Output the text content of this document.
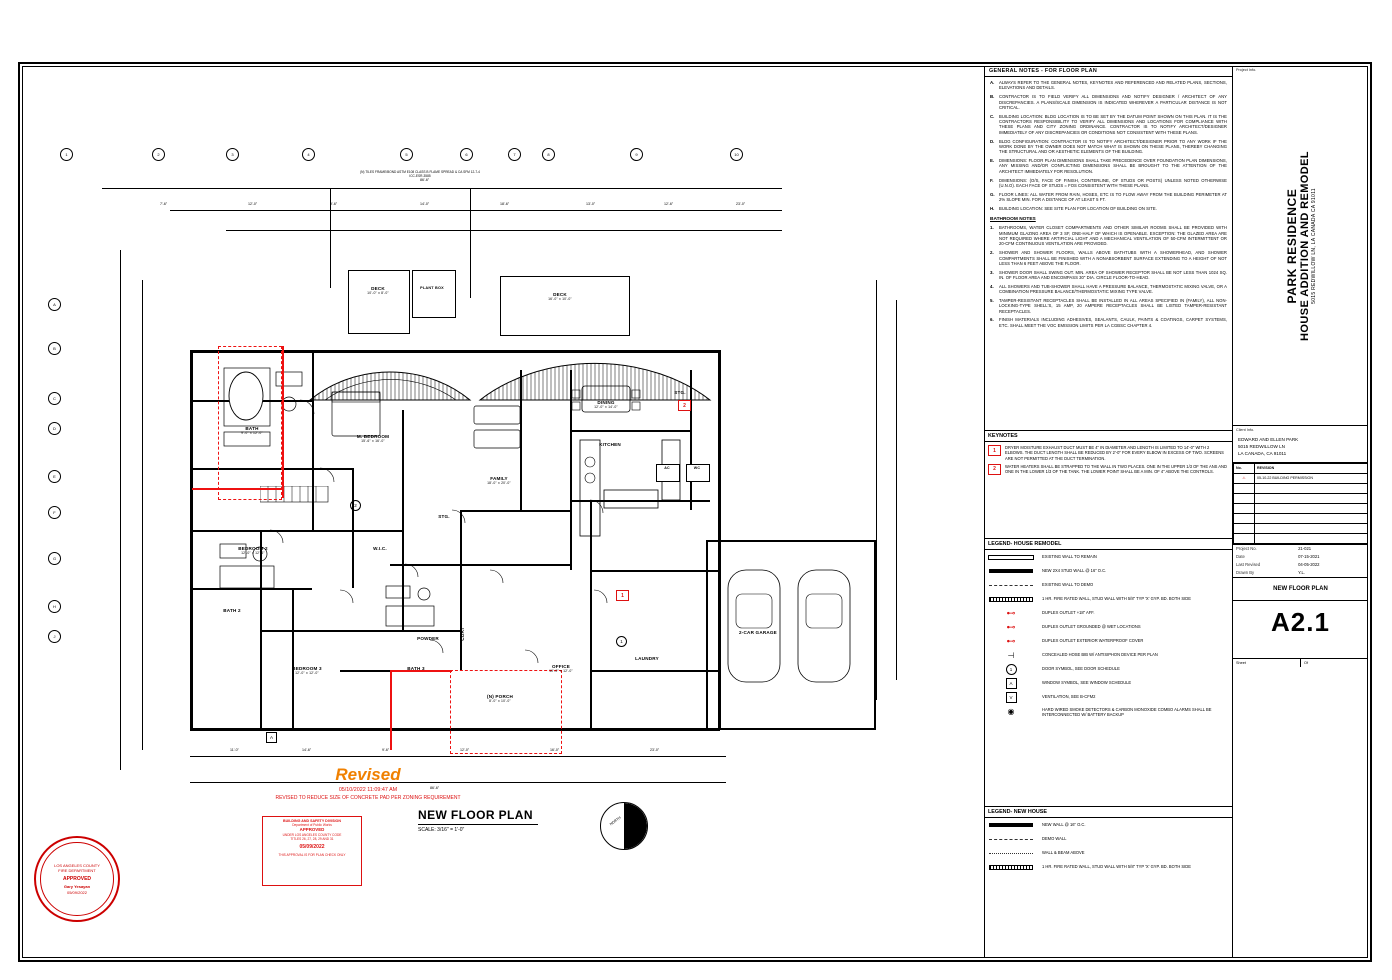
1	2	3	4	5	6	7	8	9	10
A
B
C
D
E
F
G
H
J
86'-6"
7'-6"	12'-0"	9'-6"	14'-0"	18'-6"	13'-0"	12'-6"	23'-0"
11'-0"	14'-6"	9'-6"	12'-0"	16'-0"	23'-0"
86'-6"
(N) TILES FRAME/BOND ASTM E108 CLASS B FLAME SPREAD & CA SFM 12-7-4 ICC-ESR-3585
A
1
2
1
2
M. BEDROOM
15'-6" x 16'-0"
BATH
9'-0" x 12'-0"
BEDROOM 2
12'-0" x 12'-6"
W.I.C.
BATH 2
BEDROOM 3
12'-0" x 12'-0"
BATH 3
POWDER	COAT
FAMILY
18'-0" x 20'-0"
DINING
12'-0" x 14'-0"
KITCHEN
STG.
STG.
OFFICE
10'-0" x 12'-0"
LAUNDRY
2-CAR GARAGE
(N) PORCH
8'-0" x 10'-0"
DECK
10'-0" x 8'-0"	DECK
16'-0" x 10'-0"
PLANT BOX
AC	WC
Revised
05/10/2022 11:09:47 AM
REVISED TO REDUCE SIZE OF CONCRETE PAD PER ZONING REQUIREMENT
BUILDING AND SAFETY DIVISION
Department of Public Works
APPROVED
UNDER LOS ANGELES COUNTY CODE
TITLES 26, 27, 28, 29 AND 31
05/09/2022
THIS APPROVAL IS FOR PLAN CHECK ONLY
LOS ANGELES COUNTY
FIRE DEPARTMENT
APPROVED
Gary Yesayan
05/09/2022
NEW FLOOR PLAN
SCALE: 3/16" = 1'-0"
NORTH
GENERAL NOTES - FOR FLOOR PLAN
A.	ALWAYS REFER TO THE GENERAL NOTES, KEYNOTES AND REFERENCED AND RELATED PLANS, SECTIONS, ELEVATIONS AND DETAILS.
B.	CONTRACTOR IS TO FIELD VERIFY ALL DIMENSIONS AND NOTIFY DESIGNER / ARCHITECT OF ANY DISCREPANCIES. A PLANS/SCALE DIMENSION IS INDICATED WHEREVER A PARTICULAR DISTANCE IS NOT CRITICAL.
C.	BUILDING LOCATION: BLDG LOCATION IS TO BE SET BY THE DATUM POINT SHOWN ON THIS PLAN. IT IS THE CONTRACTORS RESPONSIBILITY TO VERIFY ALL DIMENSIONS AND LOCATIONS FOR COMPLIANCE WITH THESE PLANS AND CITY ZONING ORDINANCE. CONTRACTOR IS TO NOTIFY ARCHITECT/DESIGNER IMMEDIATELY OF ANY DISCREPANCIES OR CONDITIONS NOT CONSISTENT WITH THESE PLANS.
D.	BLDG CONFIGURATION: CONTRACTOR IS TO NOTIFY ARCHITECT/DESIGNER PRIOR TO ANY WORK IF THE WORK DONE BY THE OWNER DOES NOT MATCH WHAT IS SHOWN ON THESE PLANS, THEREBY CHANGING THE STRUCTURAL AND OR AESTHETIC ELEMENTS OF THE BUILDING.
E.	DIMENSIONS: FLOOR PLAN DIMENSIONS SHALL TAKE PRECEDENCE OVER FOUNDATION PLAN DIMENSIONS, ANY MISSING AND/OR CONFLICTING DIMENSIONS SHALL BE BROUGHT TO THE ATTENTION OF THE ARCHITECT IMMEDIATELY FOR RESOLUTION.
F.	DIMENSIONS: (O/S, FACE OF FINISH, CONTERLINE, OF STUDS OR POSTS) UNLESS NOTED OTHERWISE (U.N.O). EACH FACE OF STUDS = FOS CONSISTENT WITH THESE PLANS.
G.	FLOOR LINES: ALL WATER FROM RAIN, HOSES, ETC IS TO FLOW AWAY FROM THE BUILDING PERIMETER AT 2% SLOPE MIN. FOR A DISTANCE OF AT LEAST 5 FT.
H.	BUILDING LOCATION: SEE SITE PLAN FOR LOCATION OF BUILDING ON SITE.
BATHROOM NOTES
1.	BATHROOMS, WATER CLOSET COMPARTMENTS AND OTHER SIMILAR ROOMS SHALL BE PROVIDED WITH MINIMUM GLAZING AREA OF 3 SF, ONE-HALF OF WHICH IS OPENABLE. EXCEPTION: THE GLAZED AREA ARE NOT REQUIRED WHERE ARTIFICIAL LIGHT AND A MECHANICAL VENTILATION OF 50-CFM INTERMITTENT OR 20-CFM CONTINUOUS VENTILATION ARE PROVIDED.
2.	SHOWER AND SHOWER FLOORS, WALLS ABOVE BATHTUBS WITH A SHOWERHEAD, AND SHOWER COMPARTMENTS SHALL BE FINISHED WITH A NONABSORBENT SURFACE EXTENDING TO A HEIGHT OF NOT LESS THAN 6 FEET ABOVE THE FLOOR.
3.	SHOWER DOOR SHALL SWING OUT. MIN. AREA OF SHOWER RECEPTOR SHALL BE NOT LESS THAN 1024 SQ. IN. OF FLOOR AREA AND ENCOMPASS 30" DIA. CIRCLE FLOOR-TO-HEAD.
4.	ALL SHOWERS AND TUB-SHOWER SHALL HAVE A PRESSURE BALANCE, THERMOSTATIC MIXING VALVE, OR A COMBINATION PRESSURE BALANCE/THERMOSTATIC MIXING TYPE VALVE.
5.	TAMPER-RESISTANT RECEPTACLES SHALL BE INSTALLED IN ALL AREAS SPECIFIED IN (FAMILY), ALL NON-LOCKING-TYPE SHELL'S, 15 AMP, 20 AMPERE RECEPTACLES SHALL BE LISTED TAMPER-RESISTANT RECEPTACLES.
6.	FINISH MATERIALS INCLUDING ADHESIVES, SEALANTS, CAULK, PAINTS & COATINGS, CARPET SYSTEMS, ETC. SHALL MEET THE VOC EMISSION LIMITS PER LA CGBSC CHAPTER 4.
KEYNOTES
1	DRYER MOISTURE EXHAUST DUCT MUST BE 4" IN DIAMETER AND LENGTH IS LIMITED TO 14'-0" WITH 2 ELBOWS. THE DUCT LENGTH SHALL BE REDUCED BY 2'-0" FOR EVERY ELBOW IN EXCESS OF TWO. SCREENS ARE NOT PERMITTED AT THE DUCT TERMINATION.
2	WATER HEATERS SHALL BE STRAPPED TO THE WALL IN TWO PLACES. ONE IN THE UPPER 1/3 OF THE ANS AND ONE IN THE LOWER 1/3 OF THE TANK. THE LOWER POINT SHALL BE A MIN. OF 4" ABOVE THE CONTROLS.
LEGEND- HOUSE REMODEL
EXISTING WALL TO REMAIN
NEW 2X4 STUD WALL @ 16" O.C.
EXISTING WALL TO DEMO
1 HR. FIRE RATED WALL, STUD WALL WITH 5/8" TYP 'X' GYP. BD. BOTH SIDE
⊷	DUPLEX OUTLET +18" AFF.
⊷	DUPLEX OUTLET GROUNDED @ WET LOCATIONS
⊷	DUPLEX OUTLET EXTERIOR WATERPROOF COVER
⊣	CONCEALED HOSE BIB W/ ANTISIPHON DEVICE PER PLAN
1	DOOR SYMBOL, SEE DOOR SCHEDULE
A	WINDOW SYMBOL, SEE WINDOW SCHEDULE
V	VENTILATION, SEE B-CFM2
◉	HARD WIRED SMOKE DETECTORS & CARBON MONOXIDE COMBO ALARMS SHALL BE INTERCONNECTED W/ BATTERY BACKUP
LEGEND- NEW HOUSE
NEW WALL @ 16" O.C.
DEMO WALL
WALL & BEAM ABOVE
1 HR. FIRE RATED WALL, STUD WALL WITH 5/8" TYP 'X' GYP. BD. BOTH SIDE
Project Info.
PARK RESIDENCE HOUSE ADDITION AND REMODEL 5015 REDWILLOW LN, LA CANADA CA 91011
Client Info.
EDWARD AND ELLEN PARK
5015 REDWILLOW LN
LA CANADA, CA 91011
No.	REVISION
⚠	05-10-22 BUILDING PERMISSION

Project No.	21-021
Date	07-15-2021
Last Revised	04-05-2022
Drawn By	Y.L.
NEW FLOOR PLAN
A2.1
Sheet	Of
